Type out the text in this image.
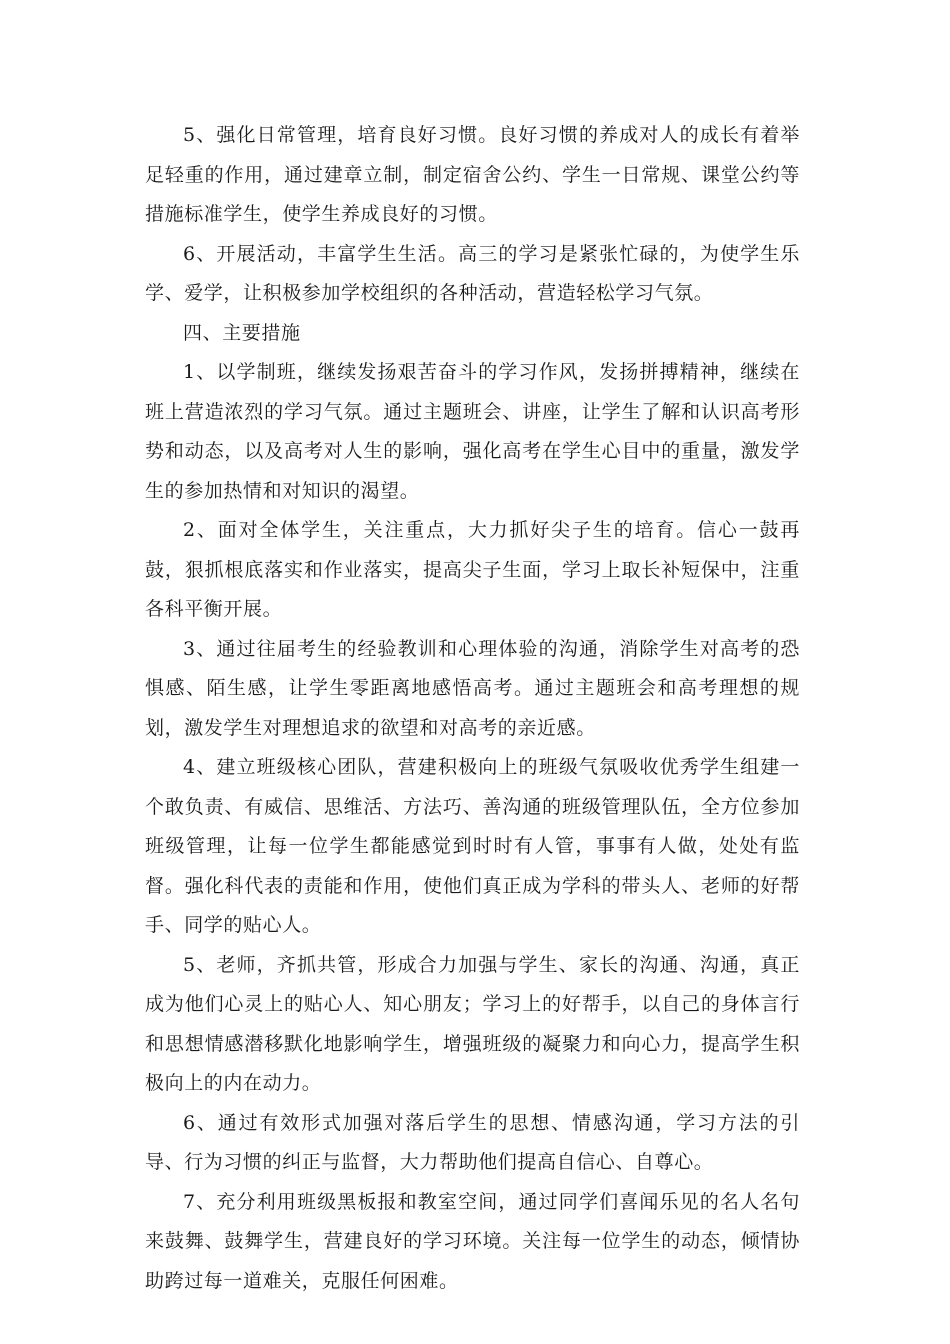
5、强化日常管理，培育良好习惯。良好习惯的养成对人的成长有着举足轻重的作用，通过建章立制，制定宿舍公约、学生一日常规、课堂公约等措施标准学生，使学生养成良好的习惯。

6、开展活动，丰富学生生活。高三的学习是紧张忙碌的，为使学生乐学、爱学，让积极参加学校组织的各种活动，营造轻松学习气氛。

四、主要措施

1、以学制班，继续发扬艰苦奋斗的学习作风，发扬拼搏精神，继续在班上营造浓烈的学习气氛。通过主题班会、讲座，让学生了解和认识高考形势和动态，以及高考对人生的影响，强化高考在学生心目中的重量，激发学生的参加热情和对知识的渴望。

2、面对全体学生，关注重点，大力抓好尖子生的培育。信心一鼓再鼓，狠抓根底落实和作业落实，提高尖子生面，学习上取长补短保中，注重各科平衡开展。

3、通过往届考生的经验教训和心理体验的沟通，消除学生对高考的恐惧感、陌生感，让学生零距离地感悟高考。通过主题班会和高考理想的规划，激发学生对理想追求的欲望和对高考的亲近感。

4、建立班级核心团队，营建积极向上的班级气氛吸收优秀学生组建一个敢负责、有威信、思维活、方法巧、善沟通的班级管理队伍，全方位参加班级管理，让每一位学生都能感觉到时时有人管，事事有人做，处处有监督。强化科代表的责能和作用，使他们真正成为学科的带头人、老师的好帮手、同学的贴心人。

5、老师，齐抓共管，形成合力加强与学生、家长的沟通、沟通，真正成为他们心灵上的贴心人、知心朋友；学习上的好帮手，以自己的身体言行和思想情感潜移默化地影响学生，增强班级的凝聚力和向心力，提高学生积极向上的内在动力。

6、通过有效形式加强对落后学生的思想、情感沟通，学习方法的引导、行为习惯的纠正与监督，大力帮助他们提高自信心、自尊心。

7、充分利用班级黑板报和教室空间，通过同学们喜闻乐见的名人名句来鼓舞、鼓舞学生，营建良好的学习环境。关注每一位学生的动态，倾情协助跨过每一道难关，克服任何困难。
